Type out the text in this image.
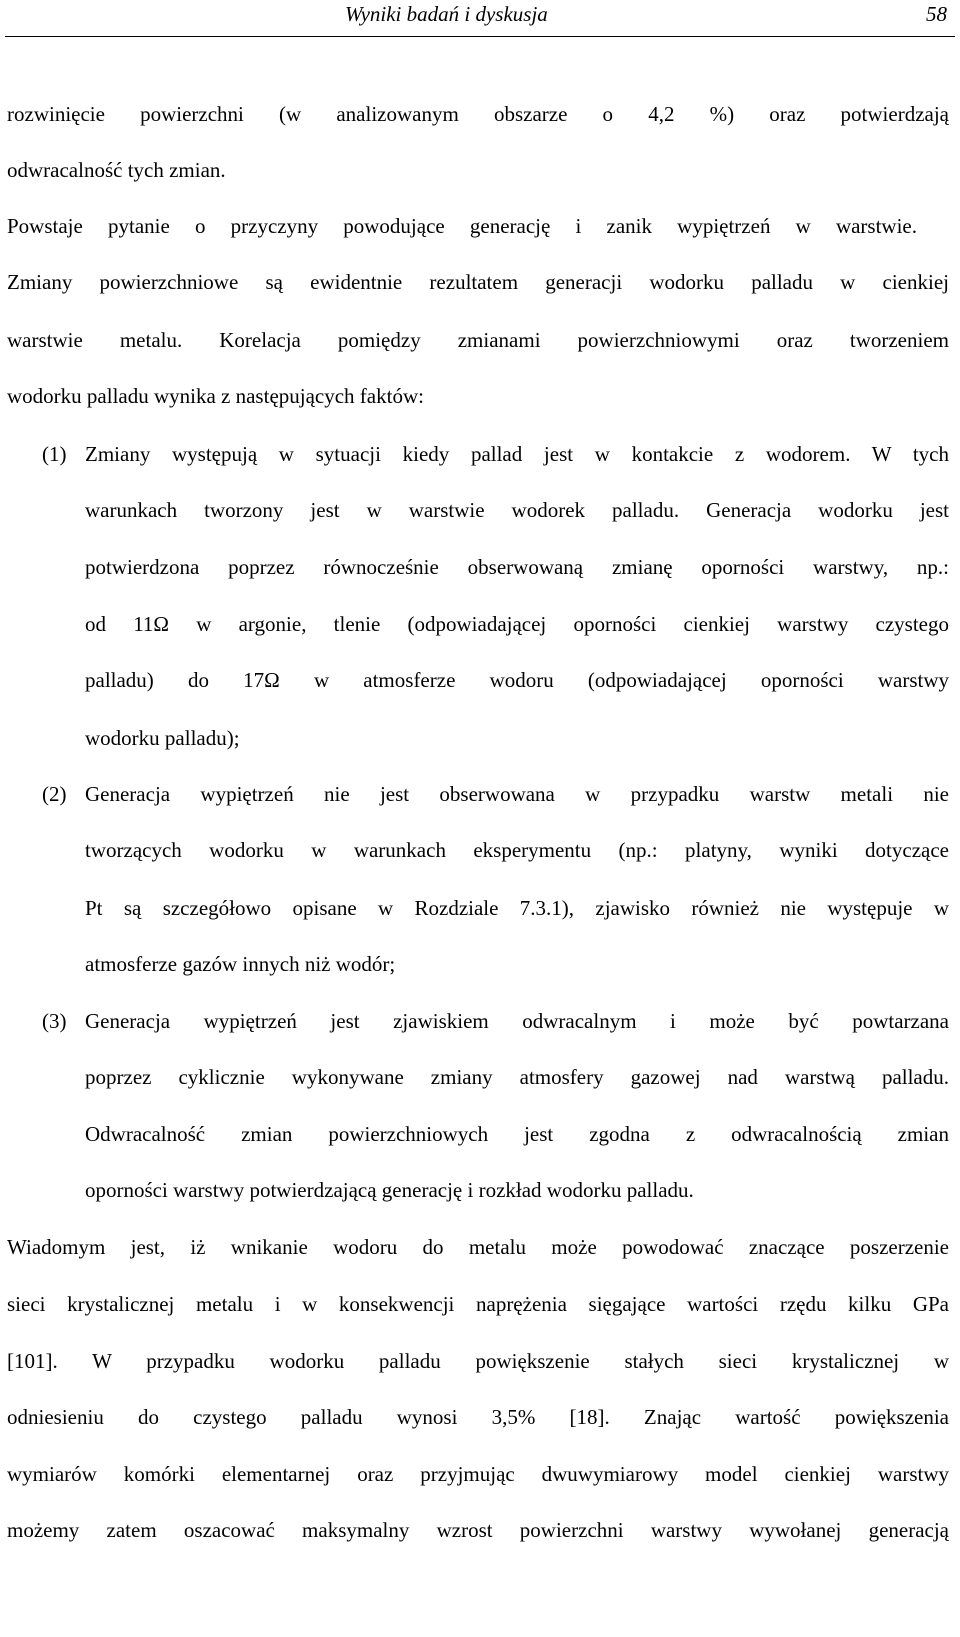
Wyniki badań i dyskusja	58
rozwinięcie powierzchni (w analizowanym obszarze o 4,2 %) oraz potwierdzają
odwracalność tych zmian.
Powstaje pytanie o przyczyny powodujące generację i zanik wypiętrzeń w warstwie.
Zmiany powierzchniowe są ewidentnie rezultatem generacji wodorku palladu w cienkiej
warstwie metalu. Korelacja pomiędzy zmianami powierzchniowymi oraz tworzeniem
wodorku palladu wynika z następujących faktów:
(1) Zmiany występują w sytuacji kiedy pallad jest w kontakcie z wodorem. W tych
warunkach tworzony jest w warstwie wodorek palladu. Generacja wodorku jest
potwierdzona poprzez równocześnie obserwowaną zmianę oporności warstwy, np.:
od 11Ω w argonie, tlenie (odpowiadającej oporności cienkiej warstwy czystego
palladu) do 17Ω w atmosferze wodoru (odpowiadającej oporności warstwy
wodorku palladu);
(2) Generacja wypiętrzeń nie jest obserwowana w przypadku warstw metali nie
tworzących wodorku w warunkach eksperymentu (np.: platyny, wyniki dotyczące
Pt są szczegółowo opisane w Rozdziale 7.3.1), zjawisko również nie występuje w
atmosferze gazów innych niż wodór;
(3) Generacja wypiętrzeń jest zjawiskiem odwracalnym i może być powtarzana
poprzez cyklicznie wykonywane zmiany atmosfery gazowej nad warstwą palladu.
Odwracalność zmian powierzchniowych jest zgodna z odwracalnością zmian
oporności warstwy potwierdzającą generację i rozkład wodorku palladu.
Wiadomym jest, iż wnikanie wodoru do metalu może powodować znaczące poszerzenie
sieci krystalicznej metalu i w konsekwencji naprężenia sięgające wartości rzędu kilku GPa
[101]. W przypadku wodorku palladu powiększenie stałych sieci krystalicznej w
odniesieniu do czystego palladu wynosi 3,5% [18]. Znając wartość powiększenia
wymiarów komórki elementarnej oraz przyjmując dwuwymiarowy model cienkiej warstwy
możemy zatem oszacować maksymalny wzrost powierzchni warstwy wywołanej generacją
